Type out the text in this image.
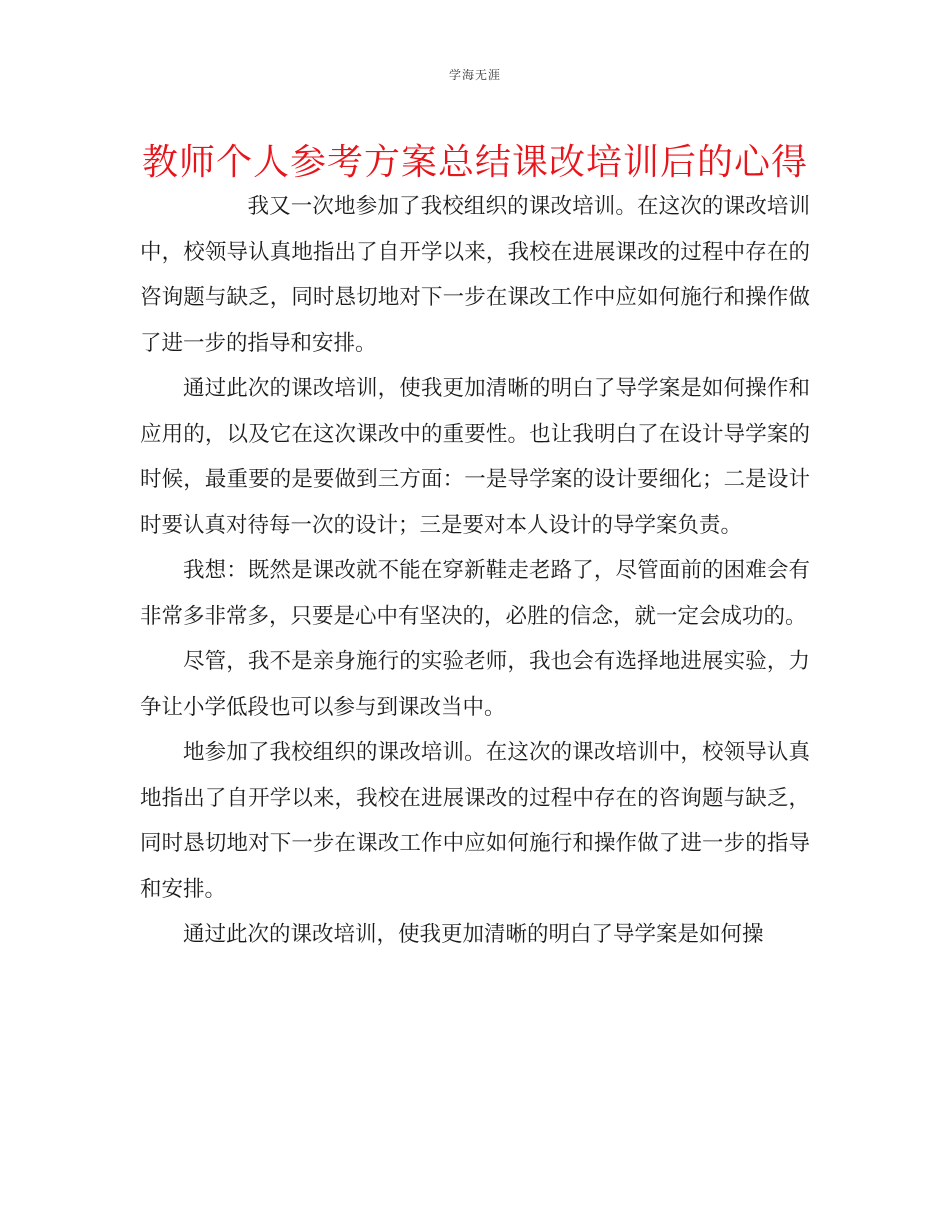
学海无涯
教师个人参考方案总结课改培训后的心得

我又一次地参加了我校组织的课改培训。在这次的课改培训中，校领导认真地指出了自开学以来，我校在进展课改的过程中存在的咨询题与缺乏，同时恳切地对下一步在课改工作中应如何施行和操作做了进一步的指导和安排。

通过此次的课改培训，使我更加清晰的明白了导学案是如何操作和应用的，以及它在这次课改中的重要性。也让我明白了在设计导学案的时候，最重要的是要做到三方面：一是导学案的设计要细化；二是设计时要认真对待每一次的设计；三是要对本人设计的导学案负责。

我想：既然是课改就不能在穿新鞋走老路了，尽管面前的困难会有非常多非常多，只要是心中有坚决的，必胜的信念，就一定会成功的。

尽管，我不是亲身施行的实验老师，我也会有选择地进展实验，力争让小学低段也可以参与到课改当中。

地参加了我校组织的课改培训。在这次的课改培训中，校领导认真地指出了自开学以来，我校在进展课改的过程中存在的咨询题与缺乏，同时恳切地对下一步在课改工作中应如何施行和操作做了进一步的指导和安排。

通过此次的课改培训，使我更加清晰的明白了导学案是如何操
